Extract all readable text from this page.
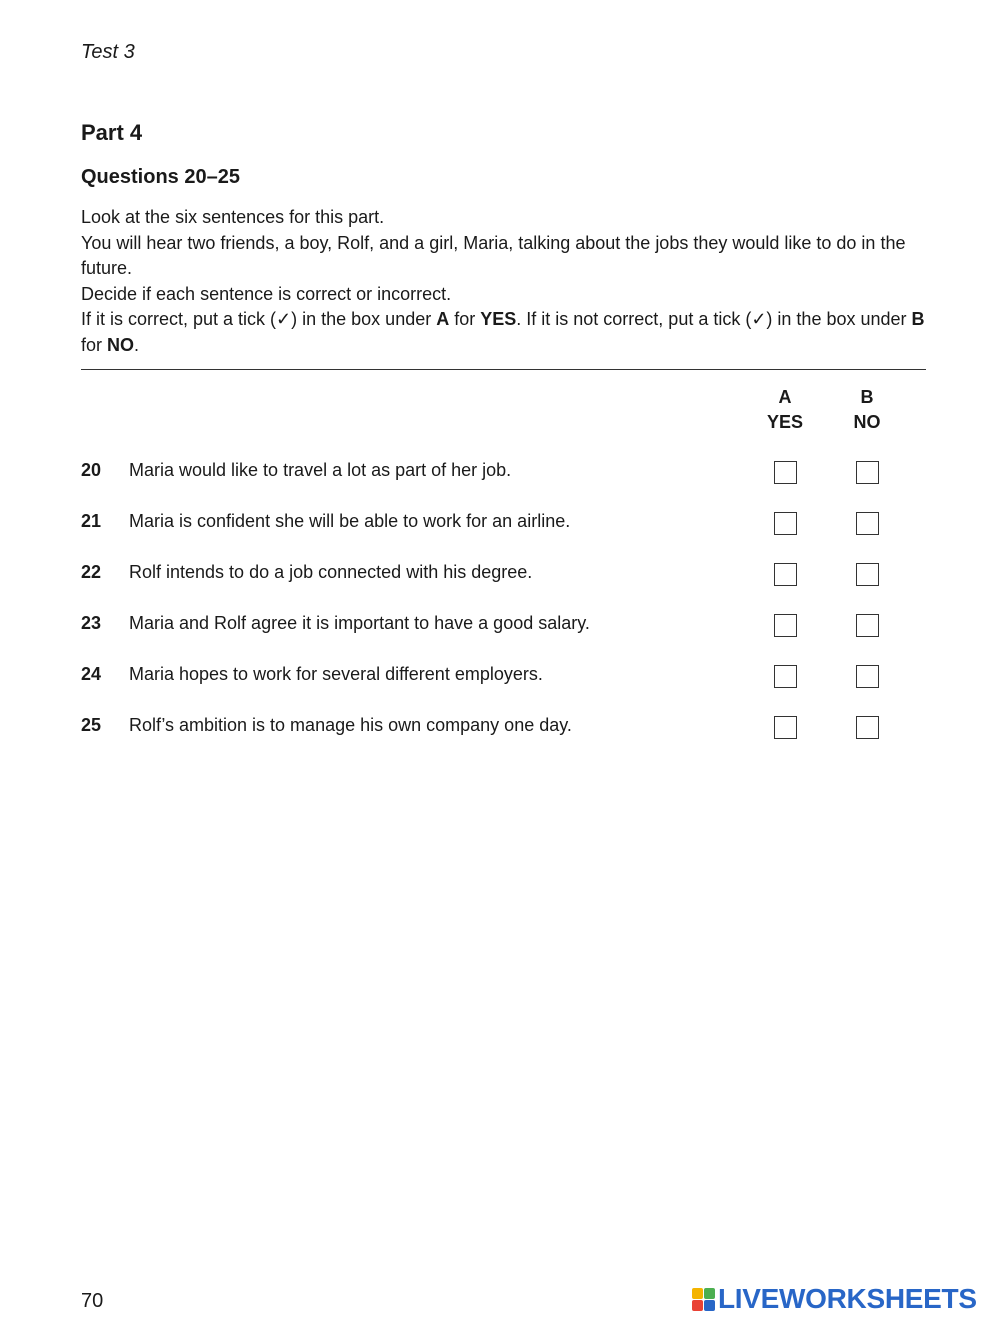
Test 3
Part 4
Questions 20–25

Look at the six sentences for this part.

You will hear two friends, a boy, Rolf, and a girl, Maria, talking about the jobs they would like to do in the future.

Decide if each sentence is correct or incorrect.

If it is correct, put a tick (✓) in the box under A for YES. If it is not correct, put a tick (✓) in the box under B for NO.

A
YES
B
NO
20 Maria would like to travel a lot as part of her job.
21 Maria is confident she will be able to work for an airline.
22 Rolf intends to do a job connected with his degree.
23 Maria and Rolf agree it is important to have a good salary.
24 Maria hopes to work for several different employers.
25 Rolf’s ambition is to manage his own company one day.
70	LIVEWORKSHEETS
